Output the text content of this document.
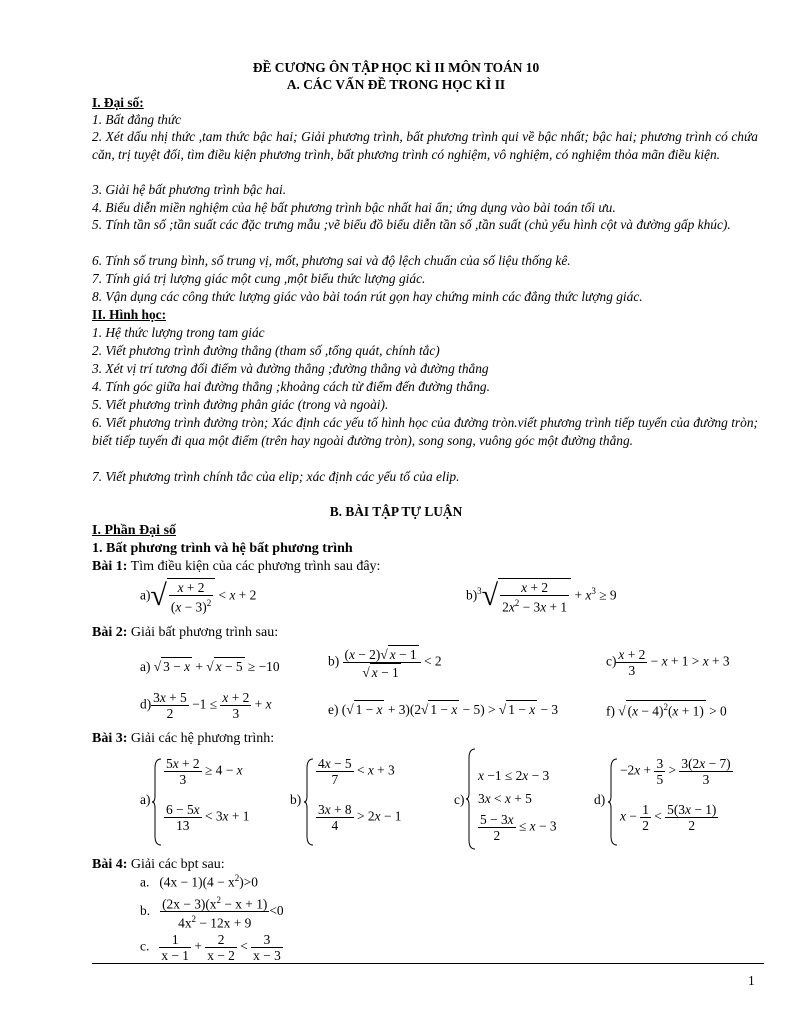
ĐỀ CƯƠNG ÔN TẬP HỌC KÌ II MÔN TOÁN 10
A. CÁC VẤN ĐỀ TRONG HỌC KÌ II
I. Đại số:
1. Bất đẳng thức
2. Xét dấu nhị thức ,tam thức bậc hai; Giải phương trình, bất phương trình qui về bậc nhất; bậc hai; phương trình có chứa căn, trị tuyệt đối, tìm điều kiện phương trình, bất phương trình có nghiệm, vô nghiệm, có nghiệm thỏa mãn điều kiện.
3. Giải hệ bất phương trình bậc hai.
4. Biểu diễn miền nghiệm của hệ bất phương trình bậc nhất hai ẩn; ứng dụng vào bài toán tối ưu.
5. Tính tần số ;tần suất các đặc trưng mẫu ;vẽ biểu đồ biểu diễn tần số ,tần suất (chủ yếu hình cột và đường gấp khúc).
6. Tính số trung bình, số trung vị, mốt, phương sai và độ lệch chuẩn của số liệu thống kê.
7. Tính giá trị lượng giác một cung ,một biểu thức lượng giác.
8. Vận dụng các công thức lượng giác vào bài toán rút gọn hay chứng minh các đẳng thức lượng giác.
II. Hình học:
1. Hệ thức lượng trong tam giác
2. Viết phương trình đường thẳng (tham số ,tổng quát, chính tắc)
3. Xét vị trí tương đối điểm và đường thẳng ;đường thẳng và đường thẳng
4. Tính góc giữa hai đường thẳng ;khoảng cách từ điểm đến đường thẳng.
5. Viết phương trình đường phân giác (trong và ngoài).
6. Viết phương trình đường tròn; Xác định các yếu tố hình học của đường tròn.viết phương trình tiếp tuyến của đường tròn; biết tiếp tuyến đi qua một điểm (trên hay ngoài đường tròn), song song, vuông góc một đường thẳng.
7. Viết phương trình chính tắc của elip; xác định các yếu tố của elip.
B. BÀI TẬP TỰ LUẬN
I. Phần Đại số
1. Bất phương trình và hệ bất phương trình
Bài 1: Tìm điều kiện của các phương trình sau đây:
$a)√ \frac{x + 2}{(x - 3)^2} < x + 2$	$b)^3√ \frac{x + 2}{2x^2 - 3x + 1} + x^3 \ge 9$
Bài 2: Giải bất phương trình sau:
a) √ 3 − x + √ x − 5 ≥ −10	$b) \frac{(x - 2)√ x - 1}{√ x - 1} < 2$	$c) \frac{x + 2}{3} - x + 1 > x + 3$
$d) \frac{3x + 5}{2} -1 \le \frac{x + 2}{3} + x$	e) (√ 1 − x + 3)(2√ 1 − x − 5) > √ 1 − x − 3	f) √ $(x - 4)^2(x + 1) > 0$
Bài 3: Giải các hệ phương trình:
a)
$\frac{5x + 2}{3} \ge 4 - x$
$\frac{6 - 5x}{13} < 3x + 1$
b)
$\frac{4x - 5}{7} < x + 3$
$\frac{3x + 8}{4} > 2x - 1$
c)
x −1 ≤ 2x − 3
3x < x + 5
$\frac{5 - 3x}{2} \le x - 3$
d)
$-2x + \frac{3}{5} > \frac{3(2x - 7)}{3}$
$x - \frac{1}{2} < \frac{5(3x - 1)}{2}$
Bài 4: Giải các bpt sau:
a.   $(4x - 1)(4 - x^2)>0$
b. $\frac{(2x - 3)(x^2 - x + 1)}{4x^2 - 12x + 9} <0$
c. $\frac{1}{x - 1} + \frac{2}{x - 2} < \frac{3}{x - 3}$
1
